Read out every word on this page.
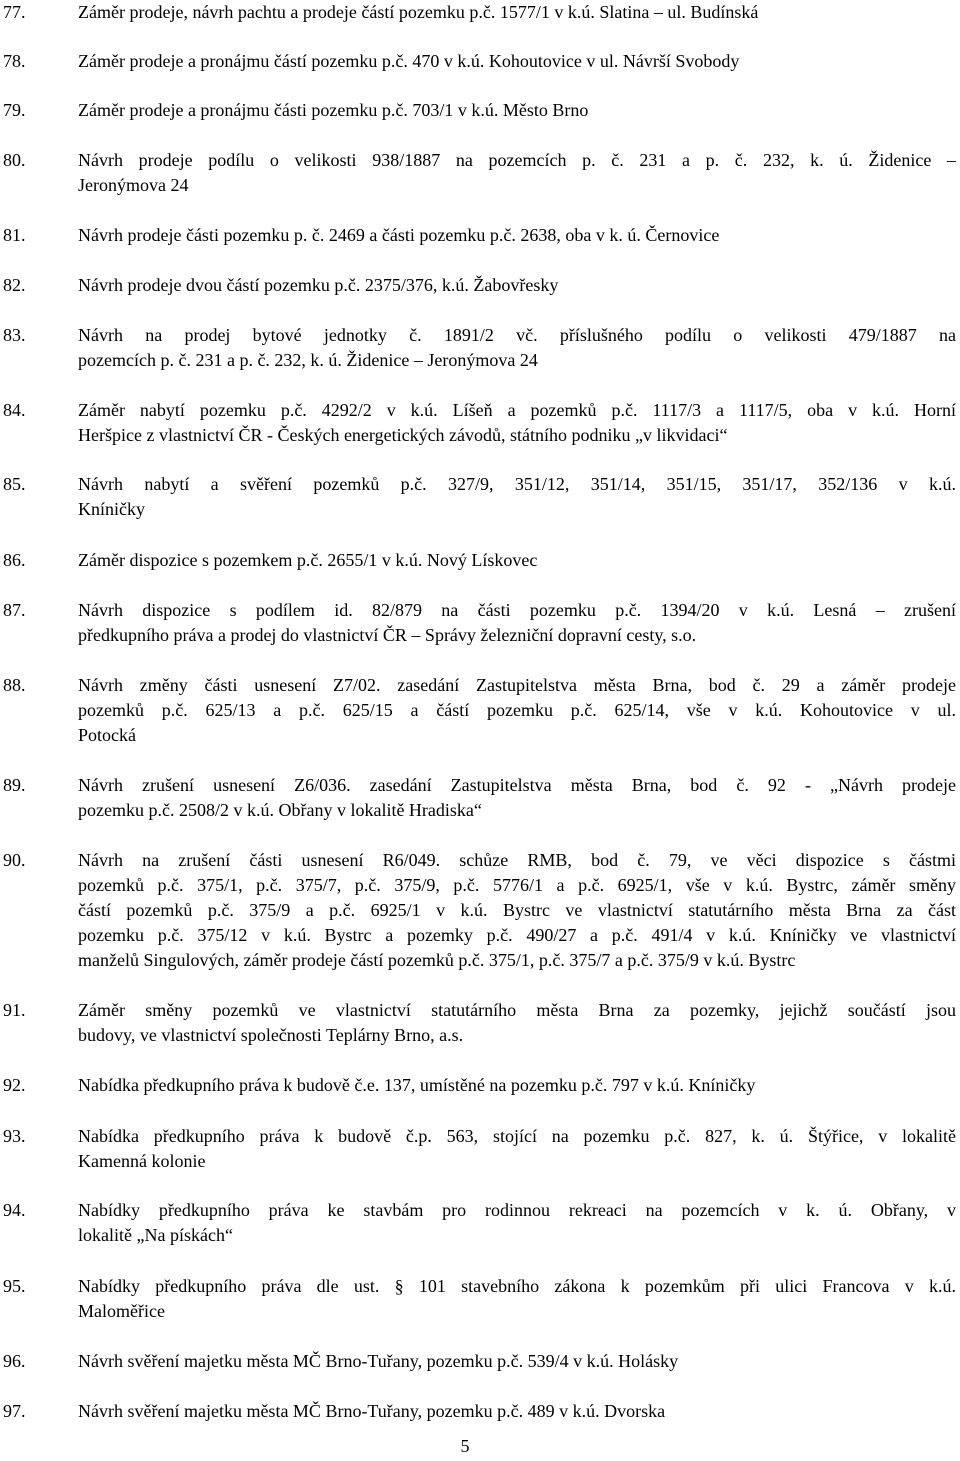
77.	Záměr prodeje, návrh pachtu a prodeje částí pozemku p.č. 1577/1 v k.ú. Slatina – ul. Budínská
78.	Záměr prodeje a pronájmu částí pozemku p.č. 470 v k.ú. Kohoutovice v ul. Návrší Svobody
79.	Záměr prodeje a pronájmu části pozemku p.č. 703/1 v k.ú. Město Brno
80.	Návrh prodeje podílu o velikosti 938/1887 na pozemcích p. č. 231 a p. č. 232, k. ú. Židenice –
Jeronýmova 24
81.	Návrh prodeje části pozemku p. č. 2469 a části pozemku p.č. 2638, oba v k. ú. Černovice
82.	Návrh prodeje dvou částí pozemku p.č. 2375/376, k.ú. Žabovřesky
83.	Návrh na prodej bytové jednotky č. 1891/2 vč. příslušného podílu o velikosti 479/1887 na
pozemcích p. č. 231 a p. č. 232, k. ú. Židenice – Jeronýmova 24
84.	Záměr nabytí pozemku p.č. 4292/2 v k.ú. Líšeň a pozemků p.č. 1117/3 a 1117/5, oba v k.ú. Horní
Heršpice z vlastnictví ČR - Českých energetických závodů, státního podniku „v likvidaci“
85.	Návrh nabytí a svěření pozemků p.č. 327/9, 351/12, 351/14, 351/15, 351/17, 352/136 v k.ú.
Kníničky
86.	Záměr dispozice s pozemkem p.č. 2655/1 v k.ú. Nový Lískovec
87.	Návrh dispozice s podílem id. 82/879 na části pozemku p.č. 1394/20 v k.ú. Lesná – zrušení
předkupního práva a prodej do vlastnictví ČR – Správy železniční dopravní cesty, s.o.
88.	Návrh změny části usnesení Z7/02. zasedání Zastupitelstva města Brna, bod č. 29 a záměr prodeje
pozemků p.č. 625/13 a p.č. 625/15 a částí pozemku p.č. 625/14, vše v k.ú. Kohoutovice v ul.
Potocká
89.	Návrh zrušení usnesení Z6/036. zasedání Zastupitelstva města Brna, bod č. 92 - „Návrh prodeje
pozemku p.č. 2508/2 v k.ú. Obřany v lokalitě Hradiska“
90.	Návrh na zrušení části usnesení R6/049. schůze RMB, bod č. 79, ve věci dispozice s částmi
pozemků p.č. 375/1, p.č. 375/7, p.č. 375/9, p.č. 5776/1 a p.č. 6925/1, vše v k.ú. Bystrc, záměr směny
částí pozemků p.č. 375/9 a p.č. 6925/1 v k.ú. Bystrc ve vlastnictví statutárního města Brna za část
pozemku p.č. 375/12 v k.ú. Bystrc a pozemky p.č. 490/27 a p.č. 491/4 v k.ú. Kníničky ve vlastnictví
manželů Singulových, záměr prodeje částí pozemků p.č. 375/1, p.č. 375/7 a p.č. 375/9 v k.ú. Bystrc
91.	Záměr směny pozemků ve vlastnictví statutárního města Brna za pozemky, jejichž součástí jsou
budovy, ve vlastnictví společnosti Teplárny Brno, a.s.
92.	Nabídka předkupního práva k budově č.e. 137, umístěné na pozemku p.č. 797 v k.ú. Kníničky
93.	Nabídka předkupního práva k budově č.p. 563, stojící na pozemku p.č. 827, k. ú. Štýřice, v lokalitě
Kamenná kolonie
94.	Nabídky předkupního práva ke stavbám pro rodinnou rekreaci na pozemcích v k. ú. Obřany, v
lokalitě „Na pískách“
95.	Nabídky předkupního práva dle ust. § 101 stavebního zákona k pozemkům při ulici Francova v k.ú.
Maloměřice
96.	Návrh svěření majetku města MČ Brno-Tuřany, pozemku p.č. 539/4 v k.ú. Holásky
97.	Návrh svěření majetku města MČ Brno-Tuřany, pozemku p.č. 489 v k.ú. Dvorska
5
